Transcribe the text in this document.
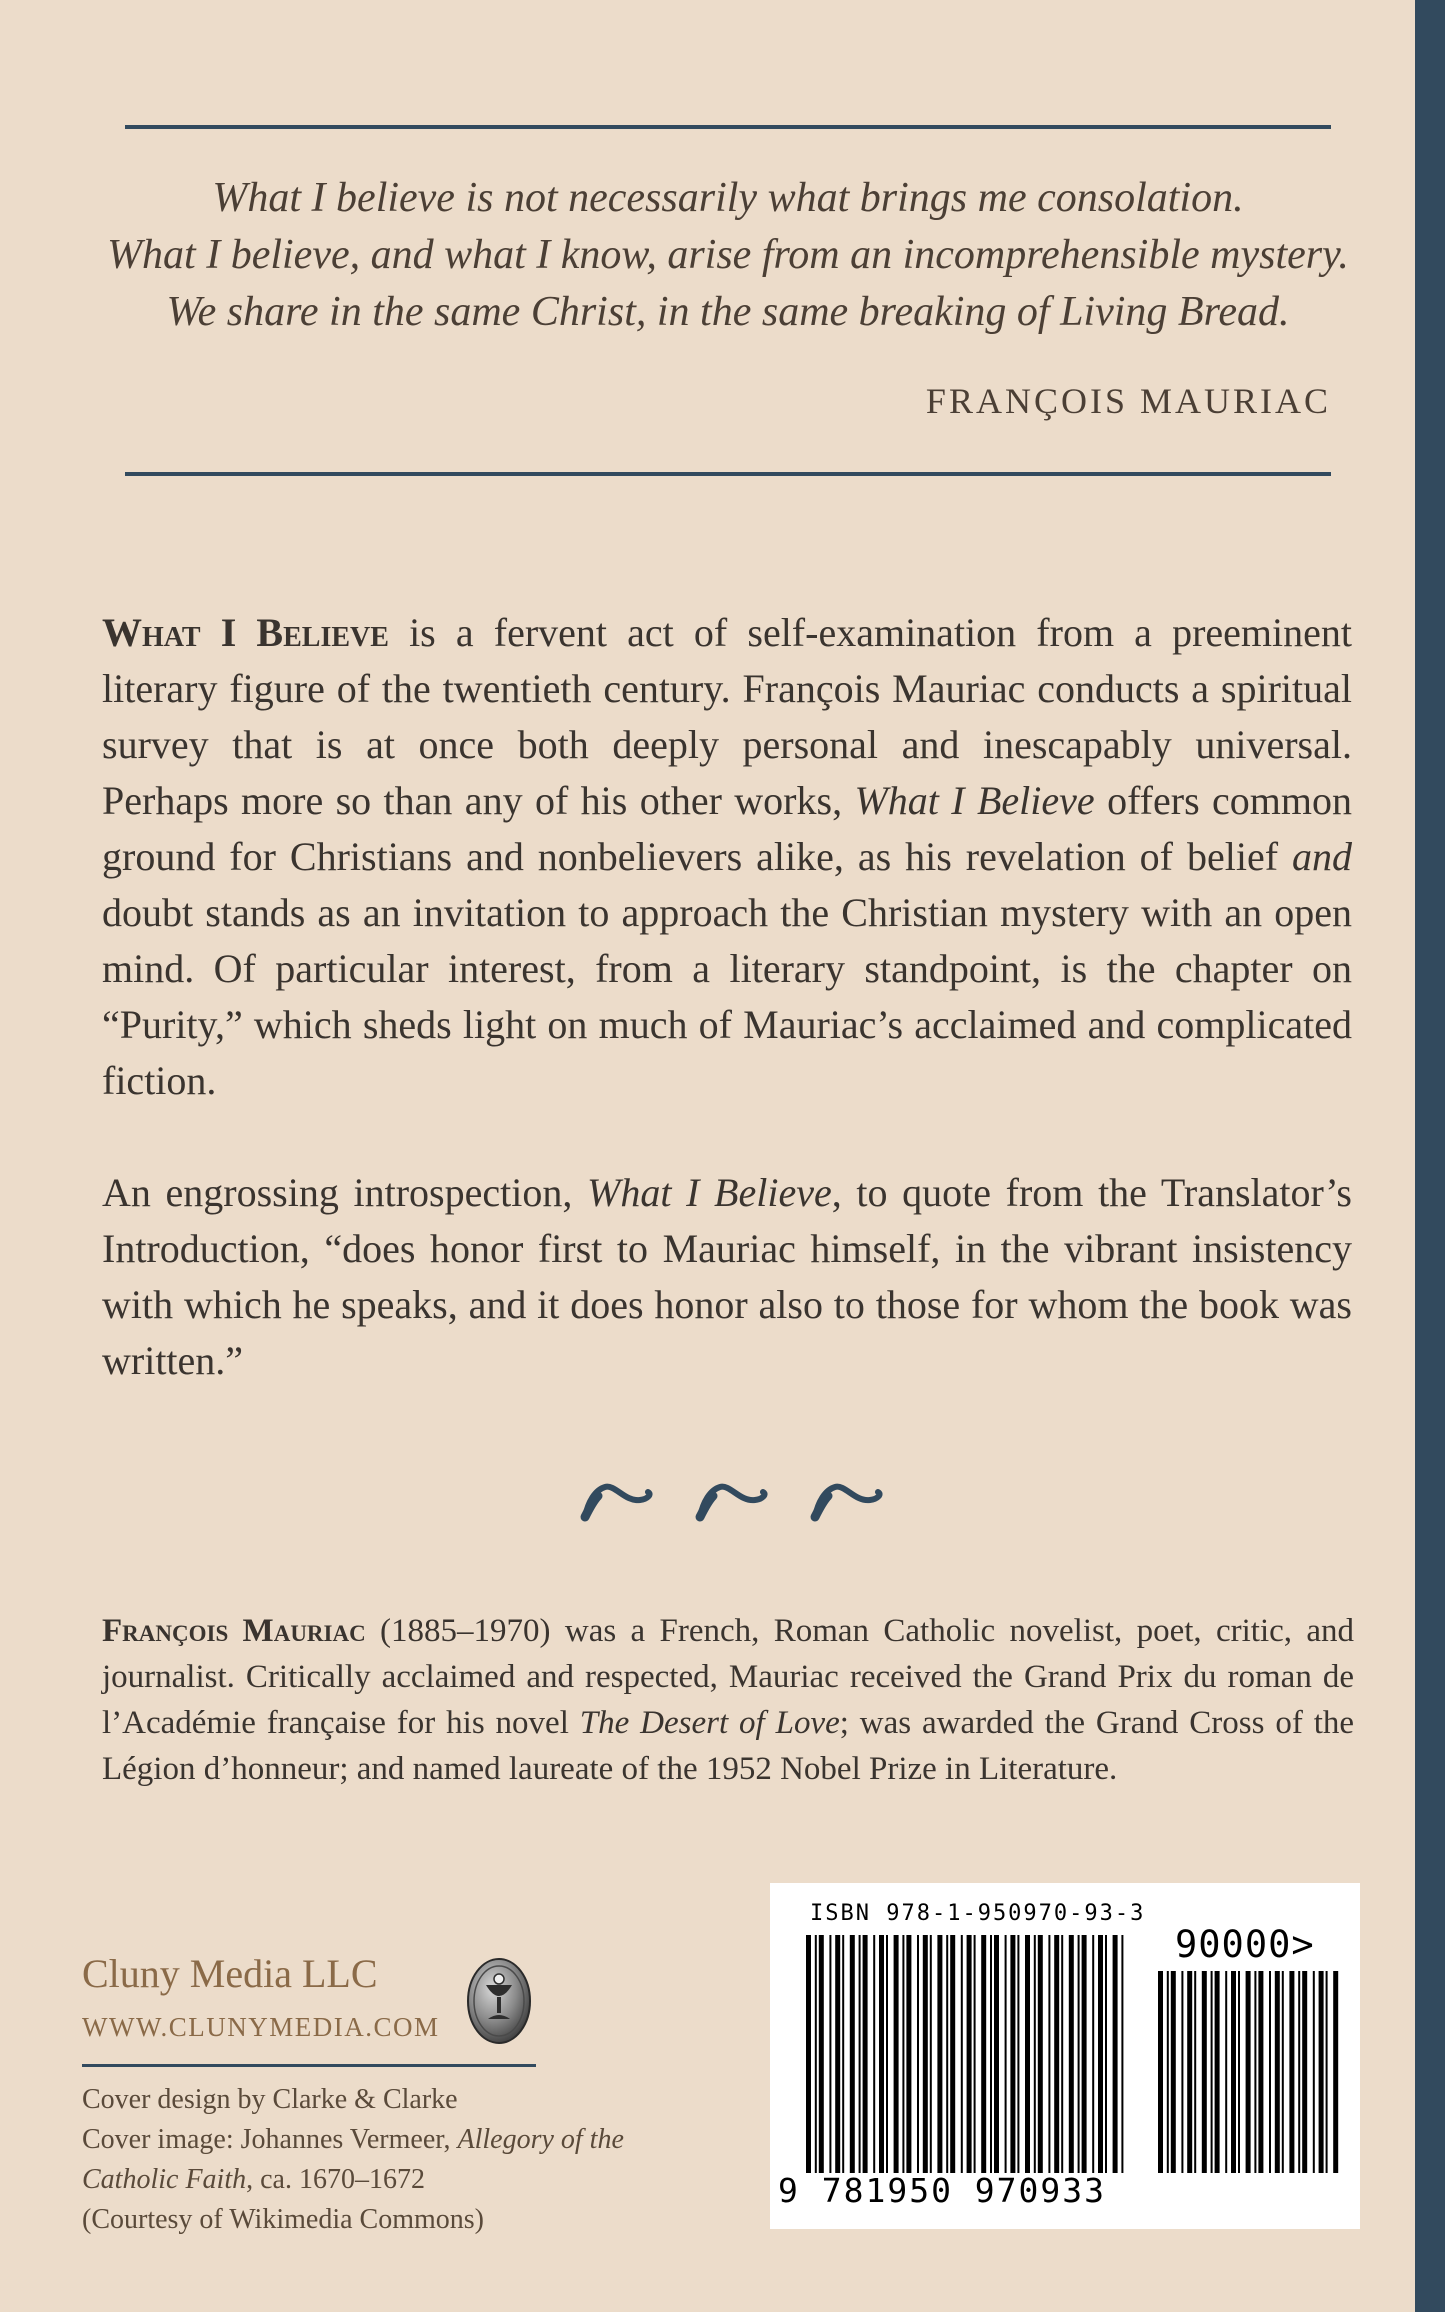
What I believe is not necessarily what brings me consolation.
What I believe, and what I know, arise from an incomprehensible mystery.
We share in the same Christ, in the same breaking of Living Bread.
FRANÇOIS MAURIAC
What I Believe is a fervent act of self-examination from a preeminent literary figure of the twentieth century. François Mauriac conducts a spiritual survey that is at once both deeply personal and inescapably universal. Perhaps more so than any of his other works, What I Believe offers common ground for Christians and nonbelievers alike, as his revelation of belief and doubt stands as an invitation to approach the Christian mystery with an open mind. Of particular interest, from a literary standpoint, is the chapter on “Purity,” which sheds light on much of Mauriac’s acclaimed and complicated fiction.
An engrossing introspection, What I Believe, to quote from the Translator’s Introduction, “does honor first to Mauriac himself, in the vibrant insistency with which he speaks, and it does honor also to those for whom the book was written.”
François Mauriac (1885–1970) was a French, Roman Catholic novelist, poet, critic, and journalist. Critically acclaimed and respected, Mauriac received the Grand Prix du roman de l’Académie française for his novel The Desert of Love; was awarded the Grand Cross of the Légion d’honneur; and named laureate of the 1952 Nobel Prize in Literature.
Cluny Media LLC
WWW.CLUNYMEDIA.COM
Cover design by Clarke & Clarke
Cover image: Johannes Vermeer, Allegory of the
Catholic Faith, ca. 1670–1672
(Courtesy of Wikimedia Commons)
ISBN 978-1-950970-93-3
90000>
9 781950 970933
